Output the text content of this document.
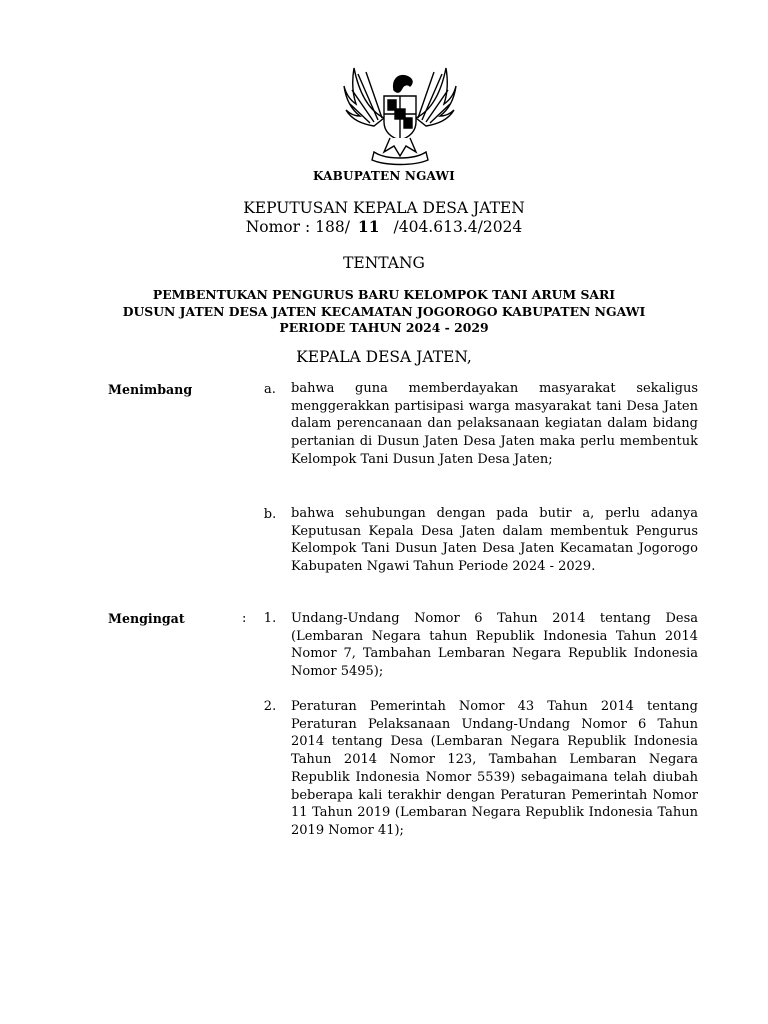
KABUPATEN NGAWI
KEPUTUSAN KEPALA DESA JATEN
Nomor : 188/ 11 /404.613.4/2024
TENTANG
PEMBENTUKAN PENGURUS BARU KELOMPOK TANI ARUM SARI
DUSUN JATEN DESA JATEN KECAMATAN JOGOROGO KABUPATEN NGAWI
PERIODE TAHUN 2024 - 2029
KEPALA DESA JATEN,
Menimbang	a.	bahwa guna memberdayakan masyarakat sekaligus menggerakkan partisipasi warga masyarakat tani Desa Jaten dalam perencanaan dan pelaksanaan kegiatan dalam bidang pertanian di Dusun Jaten Desa Jaten maka perlu membentuk Kelompok Tani Dusun Jaten Desa Jaten;
b. bahwa sehubungan dengan pada butir a, perlu adanya Keputusan Kepala Desa Jaten dalam membentuk Pengurus Kelompok Tani Dusun Jaten Desa Jaten Kecamatan Jogorogo Kabupaten Ngawi Tahun Periode 2024 - 2029.
Mengingat	: 1. Undang-Undang Nomor 6 Tahun 2014 tentang Desa (Lembaran Negara tahun Republik Indonesia Tahun 2014 Nomor 7, Tambahan Lembaran Negara Republik Indonesia Nomor 5495);
2. Peraturan Pemerintah Nomor 43 Tahun 2014 tentang Peraturan Pelaksanaan Undang-Undang Nomor 6 Tahun 2014 tentang Desa (Lembaran Negara Republik Indonesia Tahun 2014 Nomor 123, Tambahan Lembaran Negara Republik Indonesia Nomor 5539) sebagaimana telah diubah beberapa kali terakhir dengan Peraturan Pemerintah Nomor 11 Tahun 2019 (Lembaran Negara Republik Indonesia Tahun 2019 Nomor 41);
